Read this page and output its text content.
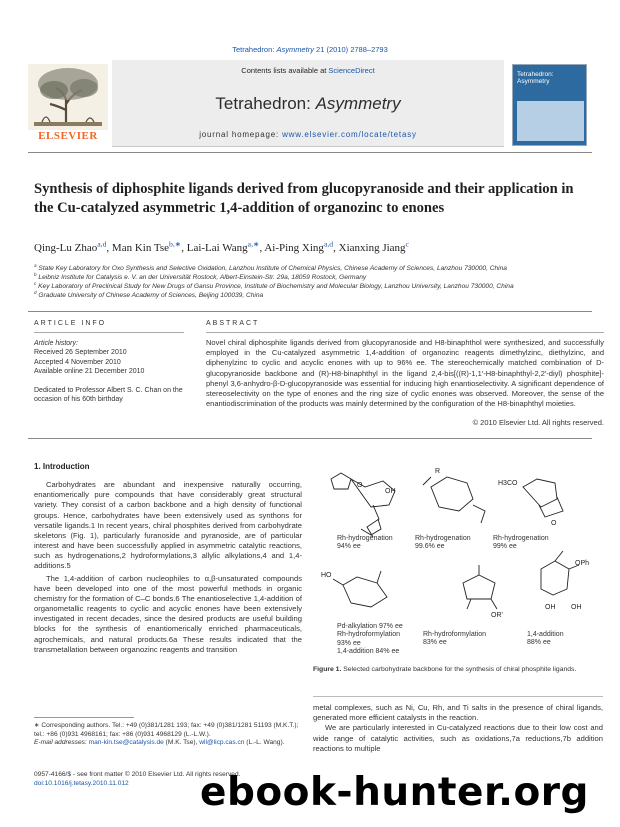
Tetrahedron: Asymmetry 21 (2010) 2788–2793
Contents lists available at ScienceDirect
Tetrahedron: Asymmetry
journal homepage: www.elsevier.com/locate/tetasy
ELSEVIER
Tetrahedron: Asymmetry
Synthesis of diphosphite ligands derived from glucopyranoside and their application in the Cu-catalyzed asymmetric 1,4-addition of organozinc to enones
Qing-Lu Zhao$^{a,d}$, Man Kin Tse$^{b,∗}$, Lai-Lai Wang$^{a,∗}$, Ai-Ping Xing$^{a,d}$, Xianxing Jiang$^c$
$^a$ State Key Laboratory for Oxo Synthesis and Selective Oxidation, Lanzhou Institute of Chemical Physics, Chinese Academy of Sciences, Lanzhou 730000, China
$^b$ Leibniz Institute for Catalysis e. V. an der Universität Rostock, Albert-Einstein-Str. 29a, 18059 Rostock, Germany
$^c$ Key Laboratory of Preclinical Study for New Drugs of Gansu Province, Institute of Biochemistry and Molecular Biology, Lanzhou University, Lanzhou 730000, China
$^d$ Graduate University of Chinese Academy of Sciences, Beijing 100039, China
ARTICLE INFO
Article history:
Received 26 September 2010
Accepted 4 November 2010
Available online 21 December 2010

Dedicated to Professor Albert S. C. Chan on the occasion of his 60th birthday
ABSTRACT
Novel chiral diphosphite ligands derived from glucopyranoside and H8-binaphthol were synthesized, and successfully employed in the Cu-catalyzed asymmetric 1,4-addition of organozinc reagents dimethylzinc, diethylzinc, and diphenylzinc to cyclic and acyclic enones with up to 96% ee. The stereochemically matched combination of D-glucopyranoside backbone and (R)-H8-binaphthyl in the ligand 2,4-bis[((R)-1,1′-H8-binaphthyl-2,2′-diyl) phosphite]-phenyl 3,6-anhydro-β-D-glucopyranoside was essential for inducing high enantioselectivity. A significant dependence of stereoselectivity on the type of enones and the ring size of cyclic enones was observed. Moreover, the sense of the enantiodiscrimination of the products was mainly determined by the configuration of the H8-binaphthyl moieties.
© 2010 Elsevier Ltd. All rights reserved.
1. Introduction

Carbohydrates are abundant and inexpensive naturally occurring, enantiomerically pure compounds that have considerably great structural variety. They consist of a carbon backbone and a high density of functional groups. Hence, carbohydrates have been extensively used as synthons for versatile ligands.1 In recent years, chiral phosphites derived from carbohydrate skeletons (Fig. 1), particularly furanoside and pyranoside, are of particular interest and have been successfully applied in asymmetric catalytic reactions, such as hydrogenations,2 hydroformylations,3 allylic alkylations,4 and 1,4-additions.5

The 1,4-addition of carbon nucleophiles to α,β-unsaturated compounds have been developed into one of the most powerful methods in organic chemistry for the formation of C–C bonds.6 The enantioselective 1,4-addition of organometallic reagents to cyclic and acyclic enones have been extensively investigated in recent decades, since the desired products are useful building blocks for the synthesis of enantiomerically enriched pharmaceuticals, agrochemicals, and natural products.6a These results indicated that the transmetallation between organozinc reagents and transition

OH
O
R
H3CO
HO
OR'
OPh
OH OH
O
Rh-hydrogenation
94% ee
Rh-hydrogenation
99.6% ee
Rh-hydrogenation
99% ee
Pd-alkylation 97% ee
Rh-hydroformylation
93% ee
1,4-addition 84% ee
Rh-hydroformylation
83% ee
1,4-addition
88% ee
Figure 1. Selected carbohydrate backbone for the synthesis of chiral phosphite ligands.

metal complexes, such as Ni, Cu, Rh, and Ti salts in the presence of chiral ligands, generated more efficient catalysts in the reaction.

We are particularly interested in Cu-catalyzed reactions due to their low cost and wide range of catalytic activities, such as oxidations,7a reductions,7b addition reactions to multiple

∗ Corresponding authors. Tel.: +49 (0)381/1281 193; fax: +49 (0)381/1281 51193 (M.K.T.); tel.: +86 (0)931 4968161; fax: +86 (0)931 4968129 (L.-L.W.).
E-mail addresses: man-kin.tse@catalysis.de (M.K. Tse), wll@licp.cas.cn (L.-L. Wang).
0957-4166/$ - see front matter © 2010 Elsevier Ltd. All rights reserved.
doi:10.1016/j.tetasy.2010.11.012	ebook-hunter.org
